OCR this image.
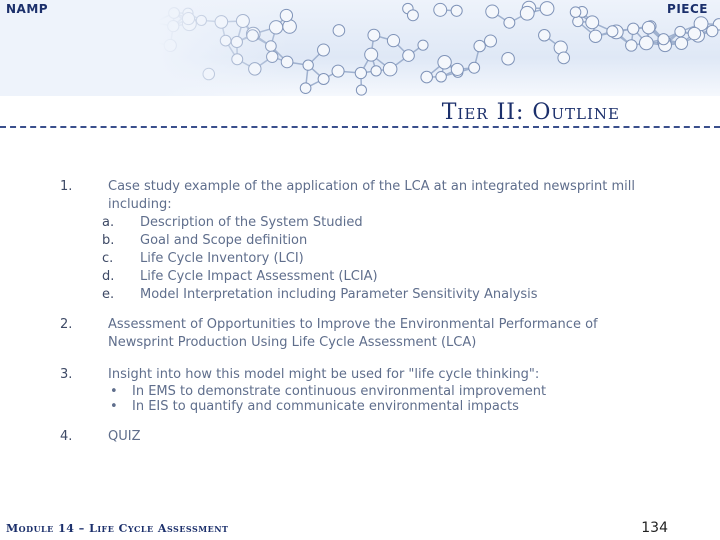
NAMP	PIECE
Tier II: Outline
1.	Case study example of the application of the LCA at an integrated newsprint mill
including:
a. Description of the System Studied
b. Goal and Scope definition
c. Life Cycle Inventory (LCI)
d. Life Cycle Impact Assessment (LCIA)
e. Model Interpretation including Parameter Sensitivity Analysis
2.	Assessment of Opportunities to Improve the Environmental Performance of
Newsprint Production Using Life Cycle Assessment (LCA)
3.	Insight into how this model might be used for "life cycle thinking":
• In EMS to demonstrate continuous environmental improvement
• In EIS to quantify and communicate environmental impacts
4.	QUIZ
Module 14 – Life Cycle Assessment	134
